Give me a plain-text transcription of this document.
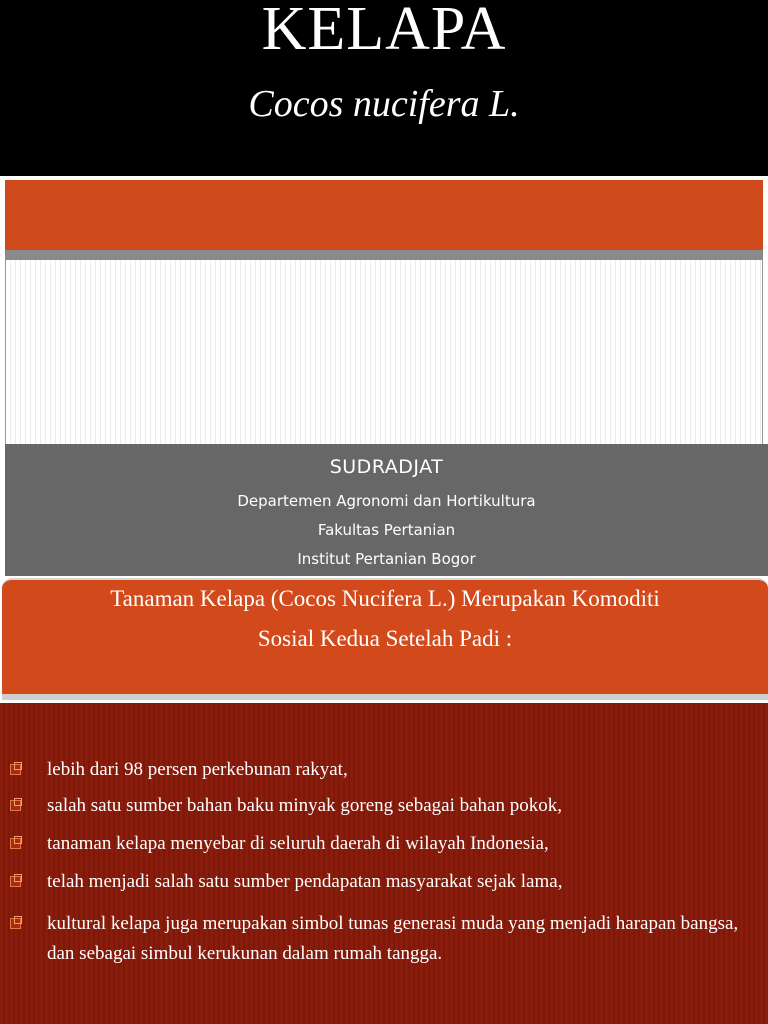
KELAPA
Cocos nucifera L.
SUDRADJAT
Departemen Agronomi dan Hortikultura
Fakultas Pertanian
Institut Pertanian Bogor
Tanaman Kelapa (Cocos Nucifera L.) Merupakan Komoditi
Sosial Kedua Setelah Padi :
lebih dari 98 persen perkebunan rakyat,
salah satu sumber bahan baku minyak goreng sebagai bahan pokok,
tanaman kelapa menyebar di seluruh daerah di wilayah Indonesia,
telah menjadi salah satu sumber pendapatan masyarakat sejak lama,
kultural kelapa juga merupakan simbol tunas generasi muda yang menjadi harapan bangsa, dan sebagai simbul kerukunan dalam rumah tangga.
